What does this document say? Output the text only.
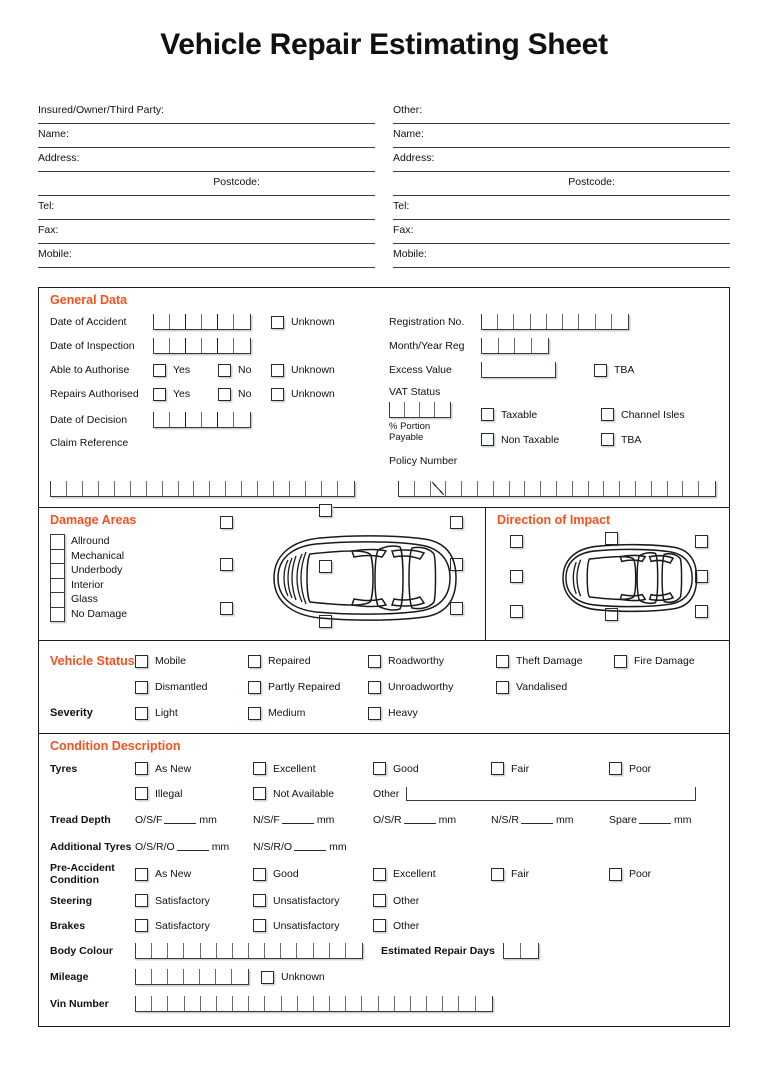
Vehicle Repair Estimating Sheet
Insured/Owner/Third Party:
Name:
Address:
Postcode:
Tel:
Fax:
Mobile:
Other:
Name:
Address:
Postcode:
Tel:
Fax:
Mobile:
General Data
Date of Accident	Unknown
Date of Inspection
Able to Authorise	Yes	No	Unknown
Repairs Authorised	Yes	No	Unknown
Date of Decision
Claim Reference
Registration No.
Month/Year Reg
Excess Value	TBA
VAT Status
% Portion
Payable
Taxable	Channel Isles
Non Taxable	TBA
Policy Number
Damage Areas
Allround
Mechanical
Underbody
Interior
Glass
No Damage
Direction of Impact
Vehicle Status Mobile	Repaired	Roadworthy	Theft Damage	Fire Damage
Dismantled	Partly Repaired	Unroadworthy	Vandalised
Severity	Light	Medium	Heavy
Condition Description
Tyres	As New	Excellent	Good	Fair	Poor
Illegal	Not Available	Other
Tread Depth	O/S/F	mm	N/S/F	mm	O/S/R	mm	N/S/R	mm	Spare	mm
Additional Tyres O/S/R/O	mm	N/S/R/O	mm
Pre-Accident
Condition	As New	Good	Excellent	Fair	Poor
Steering	Satisfactory	Unsatisfactory	Other
Brakes	Satisfactory	Unsatisfactory	Other
Body Colour	Estimated Repair Days
Mileage	Unknown
Vin Number
